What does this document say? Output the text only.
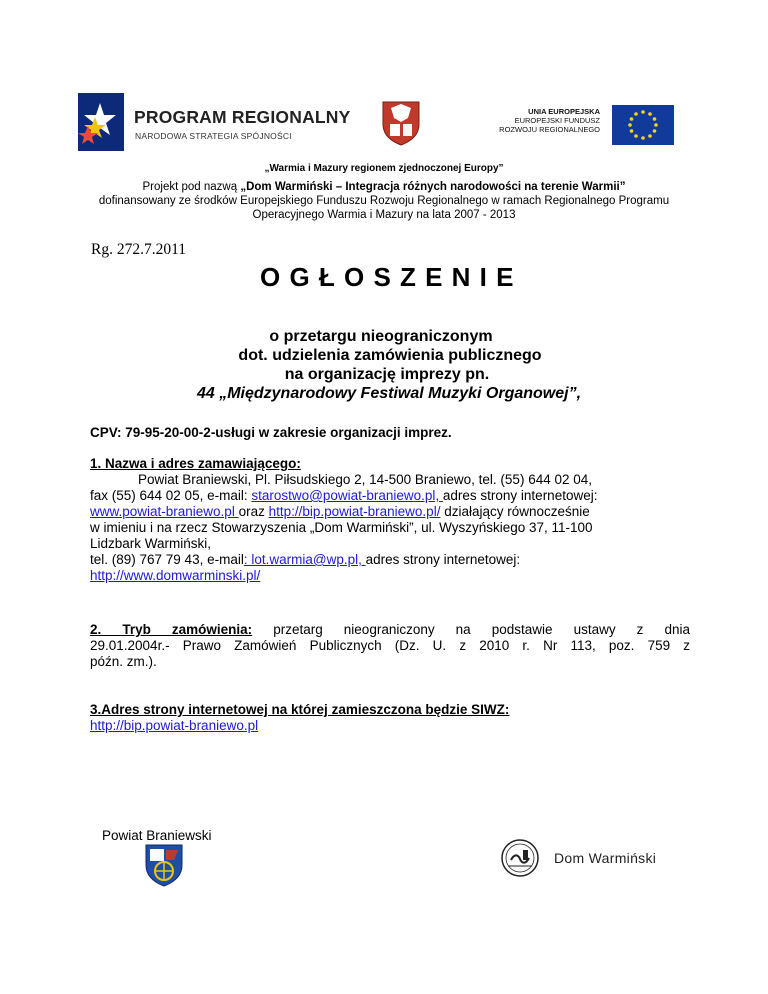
PROGRAM REGIONALNY
NARODOWA STRATEGIA SPÓJNOŚCI
UNIA EUROPEJSKA
EUROPEJSKI FUNDUSZ
ROZWOJU REGIONALNEGO
„Warmia i Mazury regionem zjednoczonej Europy”
Projekt pod nazwą „Dom Warmiński – Integracja różnych narodowości na terenie Warmii”
dofinansowany ze środków Europejskiego Funduszu Rozwoju Regionalnego w ramach Regionalnego Programu
Operacyjnego Warmia i Mazury na lata 2007 - 2013
Rg. 272.7.2011
O G Ł O S Z E N I E
o przetargu nieograniczonym
dot. udzielenia zamówienia publicznego
na organizację imprezy pn.
44 „Międzynarodowy Festiwal Muzyki Organowej”,
CPV: 79-95-20-00-2-usługi w zakresie organizacji imprez.
1. Nazwa i adres zamawiającego:
Powiat Braniewski, Pl. Piłsudskiego 2, 14-500 Braniewo, tel. (55) 644 02 04,
fax (55) 644 02 05, e-mail: starostwo@powiat-braniewo.pl, adres strony internetowej:
www.powiat-braniewo.pl oraz http://bip.powiat-braniewo.pl/ działający równocześnie
w imieniu i na rzecz Stowarzyszenia „Dom Warmiński”, ul. Wyszyńskiego 37, 11-100
Lidzbark Warmiński,
tel. (89) 767 79 43, e-mail: lot.warmia@wp.pl, adres strony internetowej:
http://www.domwarminski.pl/
2. Tryb zamówienia: przetarg nieograniczony na podstawie ustawy z dnia
29.01.2004r.- Prawo Zamówień Publicznych (Dz. U. z 2010 r. Nr 113, poz. 759 z
późn. zm.).
3.Adres strony internetowej na której zamieszczona będzie SIWZ:
http://bip.powiat-braniewo.pl
Powiat Braniewski
Dom Warmiński
